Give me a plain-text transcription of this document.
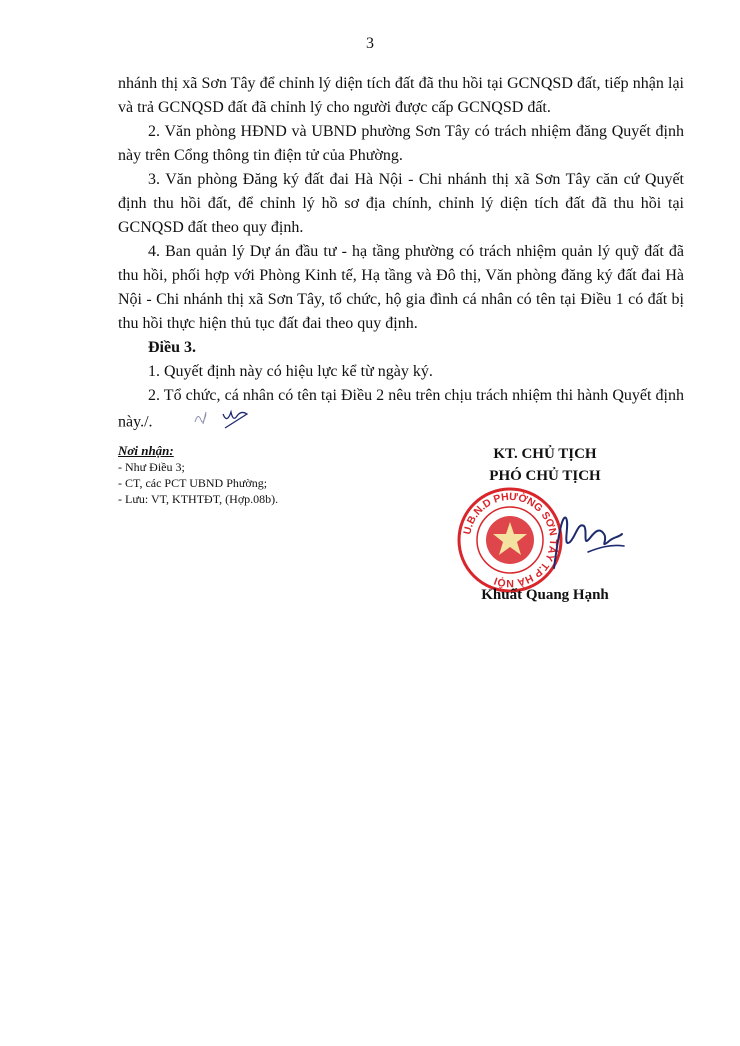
3

nhánh thị xã Sơn Tây để chỉnh lý diện tích đất đã thu hồi tại GCNQSD đất, tiếp nhận lại và trả GCNQSD đất đã chỉnh lý cho người được cấp GCNQSD đất.

2. Văn phòng HĐND và UBND phường Sơn Tây có trách nhiệm đăng Quyết định này trên Cổng thông tin điện tử của Phường.

3. Văn phòng Đăng ký đất đai Hà Nội - Chi nhánh thị xã Sơn Tây căn cứ Quyết định thu hồi đất, để chỉnh lý hồ sơ địa chính, chỉnh lý diện tích đất đã thu hồi tại GCNQSD đất theo quy định.

4. Ban quản lý Dự án đầu tư - hạ tầng phường có trách nhiệm quản lý quỹ đất đã thu hồi, phối hợp với Phòng Kinh tế, Hạ tầng và Đô thị, Văn phòng đăng ký đất đai Hà Nội - Chi nhánh thị xã Sơn Tây, tổ chức, hộ gia đình cá nhân có tên tại Điều 1 có đất bị thu hồi thực hiện thủ tục đất đai theo quy định.

Điều 3.

1. Quyết định này có hiệu lực kể từ ngày ký.

2. Tổ chức, cá nhân có tên tại Điều 2 nêu trên chịu trách nhiệm thi hành Quyết định này./.

Nơi nhận:

- Như Điều 3;

- CT, các PCT UBND Phường;

- Lưu: VT, KTHTĐT, (Hợp.08b).

KT. CHỦ TỊCH
PHÓ CHỦ TỊCH
U.B.N.D PHƯỜNG SƠN TÂY T.P HÀ NỘI
Khuất Quang Hạnh
